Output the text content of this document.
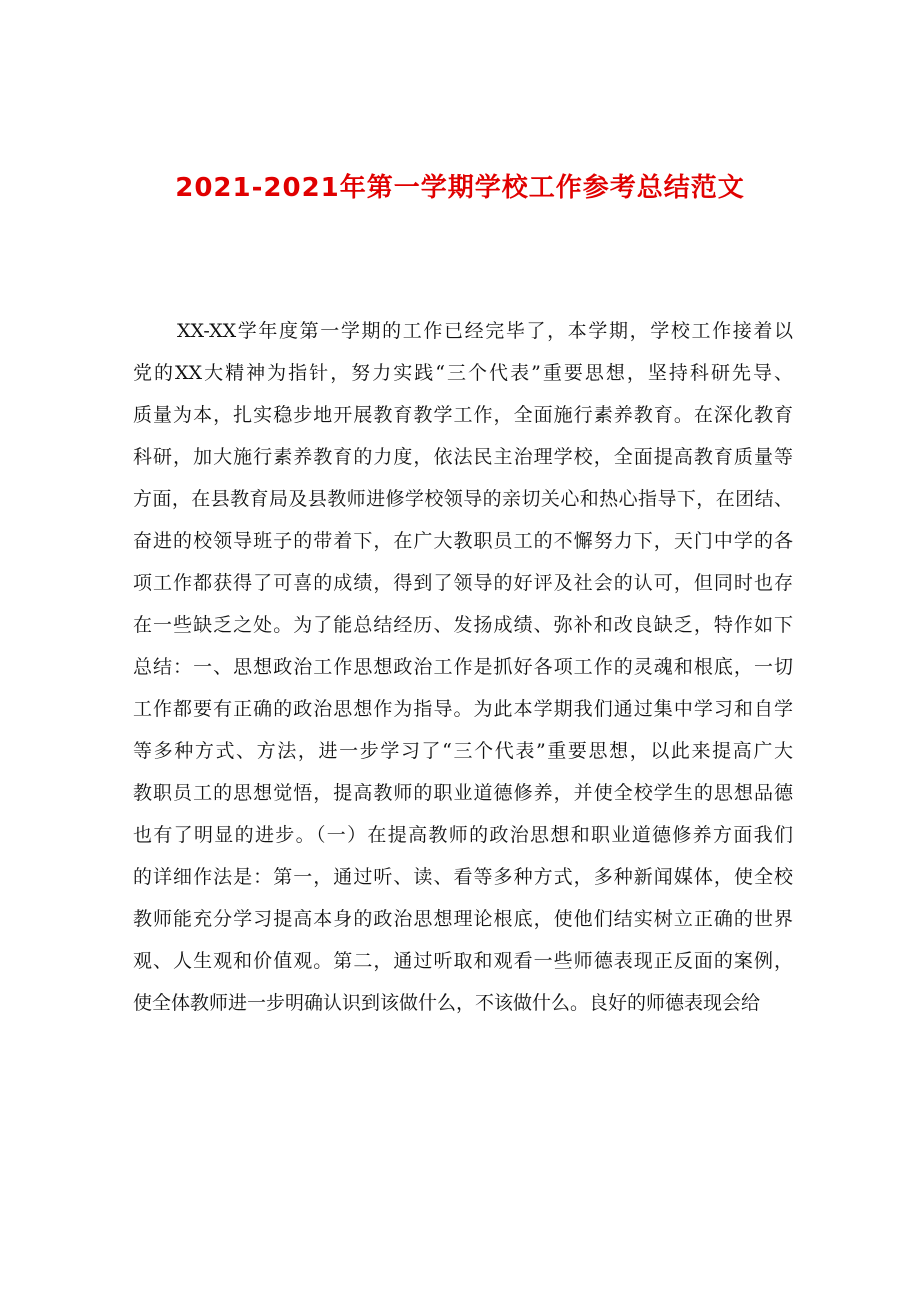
2021-2021年第一学期学校工作参考总结范文
XX-XX学年度第一学期的工作已经完毕了，本学期，学校工作接着以
党的XX大精神为指针，努力实践“三个代表”重要思想，坚持科研先导、
质量为本，扎实稳步地开展教育教学工作，全面施行素养教育。在深化教育
科研，加大施行素养教育的力度，依法民主治理学校，全面提高教育质量等
方面，在县教育局及县教师进修学校领导的亲切关心和热心指导下，在团结、
奋进的校领导班子的带着下，在广大教职员工的不懈努力下，天门中学的各
项工作都获得了可喜的成绩，得到了领导的好评及社会的认可，但同时也存
在一些缺乏之处。为了能总结经历、发扬成绩、弥补和改良缺乏，特作如下
总结：一、思想政治工作思想政治工作是抓好各项工作的灵魂和根底，一切
工作都要有正确的政治思想作为指导。为此本学期我们通过集中学习和自学
等多种方式、方法，进一步学习了“三个代表”重要思想，以此来提高广大
教职员工的思想觉悟，提高教师的职业道德修养，并使全校学生的思想品德
也有了明显的进步。（一）在提高教师的政治思想和职业道德修养方面我们
的详细作法是：第一，通过听、读、看等多种方式，多种新闻媒体，使全校
教师能充分学习提高本身的政治思想理论根底，使他们结实树立正确的世界
观、人生观和价值观。第二，通过听取和观看一些师德表现正反面的案例，
使全体教师进一步明确认识到该做什么，不该做什么。良好的师德表现会给
